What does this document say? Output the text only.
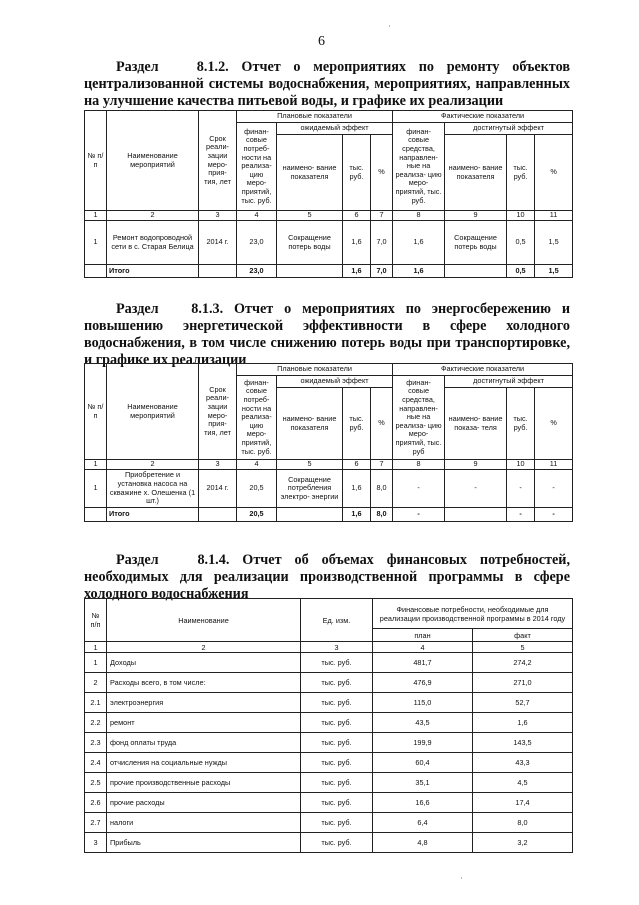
6
Раздел	8.1.2. Отчет о мероприятиях по ремонту объектов централизованной системы водоснабжения, мероприятиях, направленных на улучшение качества питьевой воды, и графике их реализации
№ п/п	Наименование мероприятий	Срок реали- зации меро- прия- тия, лет	Плановые показатели				Фактические показатели			
			финан- совые потреб- ности на реализа- цию меро- приятий, тыс. руб.	ожидаемый эффект			финан- совые средства, направлен- ные на реализа- цию меро- приятий, тыс. руб.	достигнутый эффект		
				наимено- вание показателя	тыс. руб.	%		наимено- вание показателя	тыс. руб.	%
1	2	3	4	5	6	7	8	9	10	11
1	Ремонт водопроводной сети в с. Старая Белица	2014 г.	23,0	Сокращение потерь воды	1,6	7,0	1,6	Сокращение потерь воды	0,5	1,5
	Итого		23,0		1,6	7,0	1,6		0,5	1,5
Раздел 8.1.3. Отчет о мероприятиях по энергосбережению и повышению энергетической эффективности в сфере холодного водоснабжения, в том числе снижению потерь воды при транспортировке, и графике их реализации
№ п/п	Наименование мероприятий	Срок реали- зации меро- прия- тия, лет	Плановые показатели				Фактические показатели			
			финан- совые потреб- ности на реализа- цию меро- приятий, тыс. руб.	ожидаемый эффект			финан- совые средства, направлен- ные на реализа- цию меро- приятий, тыс. руб	достигнутый эффект		
				наимено- вание показателя	тыс. руб.	%		наимено- вание показа- теля	тыс. руб.	%
1	2	3	4	5	6	7	8	9	10	11
1	Приобретение и установка насоса на скважине х. Олешенка (1 шт.)	2014 г.	20,5	Сокращение потребления электро- энергии	1,6	8,0	-	-	-	-
	Итого		20,5		1,6	8,0	-		-	-
Раздел	8.1.4. Отчет об объемах финансовых потребностей, необходимых для реализации производственной программы в сфере холодного водоснабжения
№ п/п	Наименование	Ед. изм.	Финансовые потребности, необходимые для реализации производственной программы в 2014 году	
			план	факт
1	2	3	4	5
1	Доходы	тыс. руб.	481,7	274,2
2	Расходы всего, в том числе:	тыс. руб.	476,9	271,0
2.1	электроэнергия	тыс. руб.	115,0	52,7
2.2	ремонт	тыс. руб.	43,5	1,6
2.3	фонд оплаты труда	тыс. руб.	199,9	143,5
2.4	отчисления на социальные нужды	тыс. руб.	60,4	43,3
2.5	прочие производственные расходы	тыс. руб.	35,1	4,5
2.6	прочие расходы	тыс. руб.	16,6	17,4
2.7	налоги	тыс. руб.	6,4	8,0
3	Прибыль	тыс. руб.	4,8	3,2
·
·
